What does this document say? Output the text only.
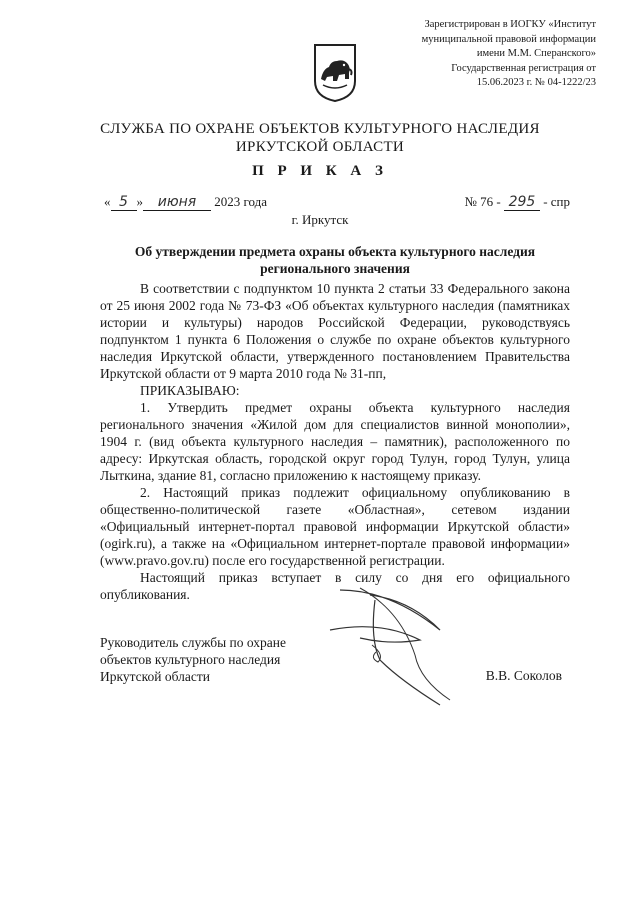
Зарегистрирован в ИОГКУ «Институт
муниципальной правовой информации
имени М.М. Сперанского»
Государственная регистрация от
15.06.2023 г. № 04-1222/23
СЛУЖБА ПО ОХРАНЕ ОБЪЕКТОВ КУЛЬТУРНОГО НАСЛЕДИЯ
ИРКУТСКОЙ ОБЛАСТИ
П Р И К А З
« 5 » июня 2023 года	№ 76 - 295 - спр
г. Иркутск
Об утверждении предмета охраны объекта культурного наследия
регионального значения

В соответствии с подпунктом 10 пункта 2 статьи 33 Федерального закона от 25 июня 2002 года № 73-ФЗ «Об объектах культурного наследия (памятниках истории и культуры) народов Российской Федерации, руководствуясь подпунктом 1 пункта 6 Положения о службе по охране объектов культурного наследия Иркутской области, утвержденного постановлением Правительства Иркутской области от 9 марта 2010 года № 31-пп,

ПРИКАЗЫВАЮ:

1. Утвердить предмет охраны объекта культурного наследия регионального значения «Жилой дом для специалистов винной монополии», 1904 г. (вид объекта культурного наследия – памятник), расположенного по адресу: Иркутская область, городской округ город Тулун, город Тулун, улица Лыткина, здание 81, согласно приложению к настоящему приказу.

2. Настоящий приказ подлежит официальному опубликованию в общественно-политической газете «Областная», сетевом издании «Официальный интернет-портал правовой информации Иркутской области» (ogirk.ru), а также на «Официальном интернет-портале правовой информации» (www.pravo.gov.ru) после его государственной регистрации.

Настоящий приказ вступает в силу со дня его официального опубликования.

Руководитель службы по охране
объектов культурного наследия
Иркутской области	В.В. Соколов
